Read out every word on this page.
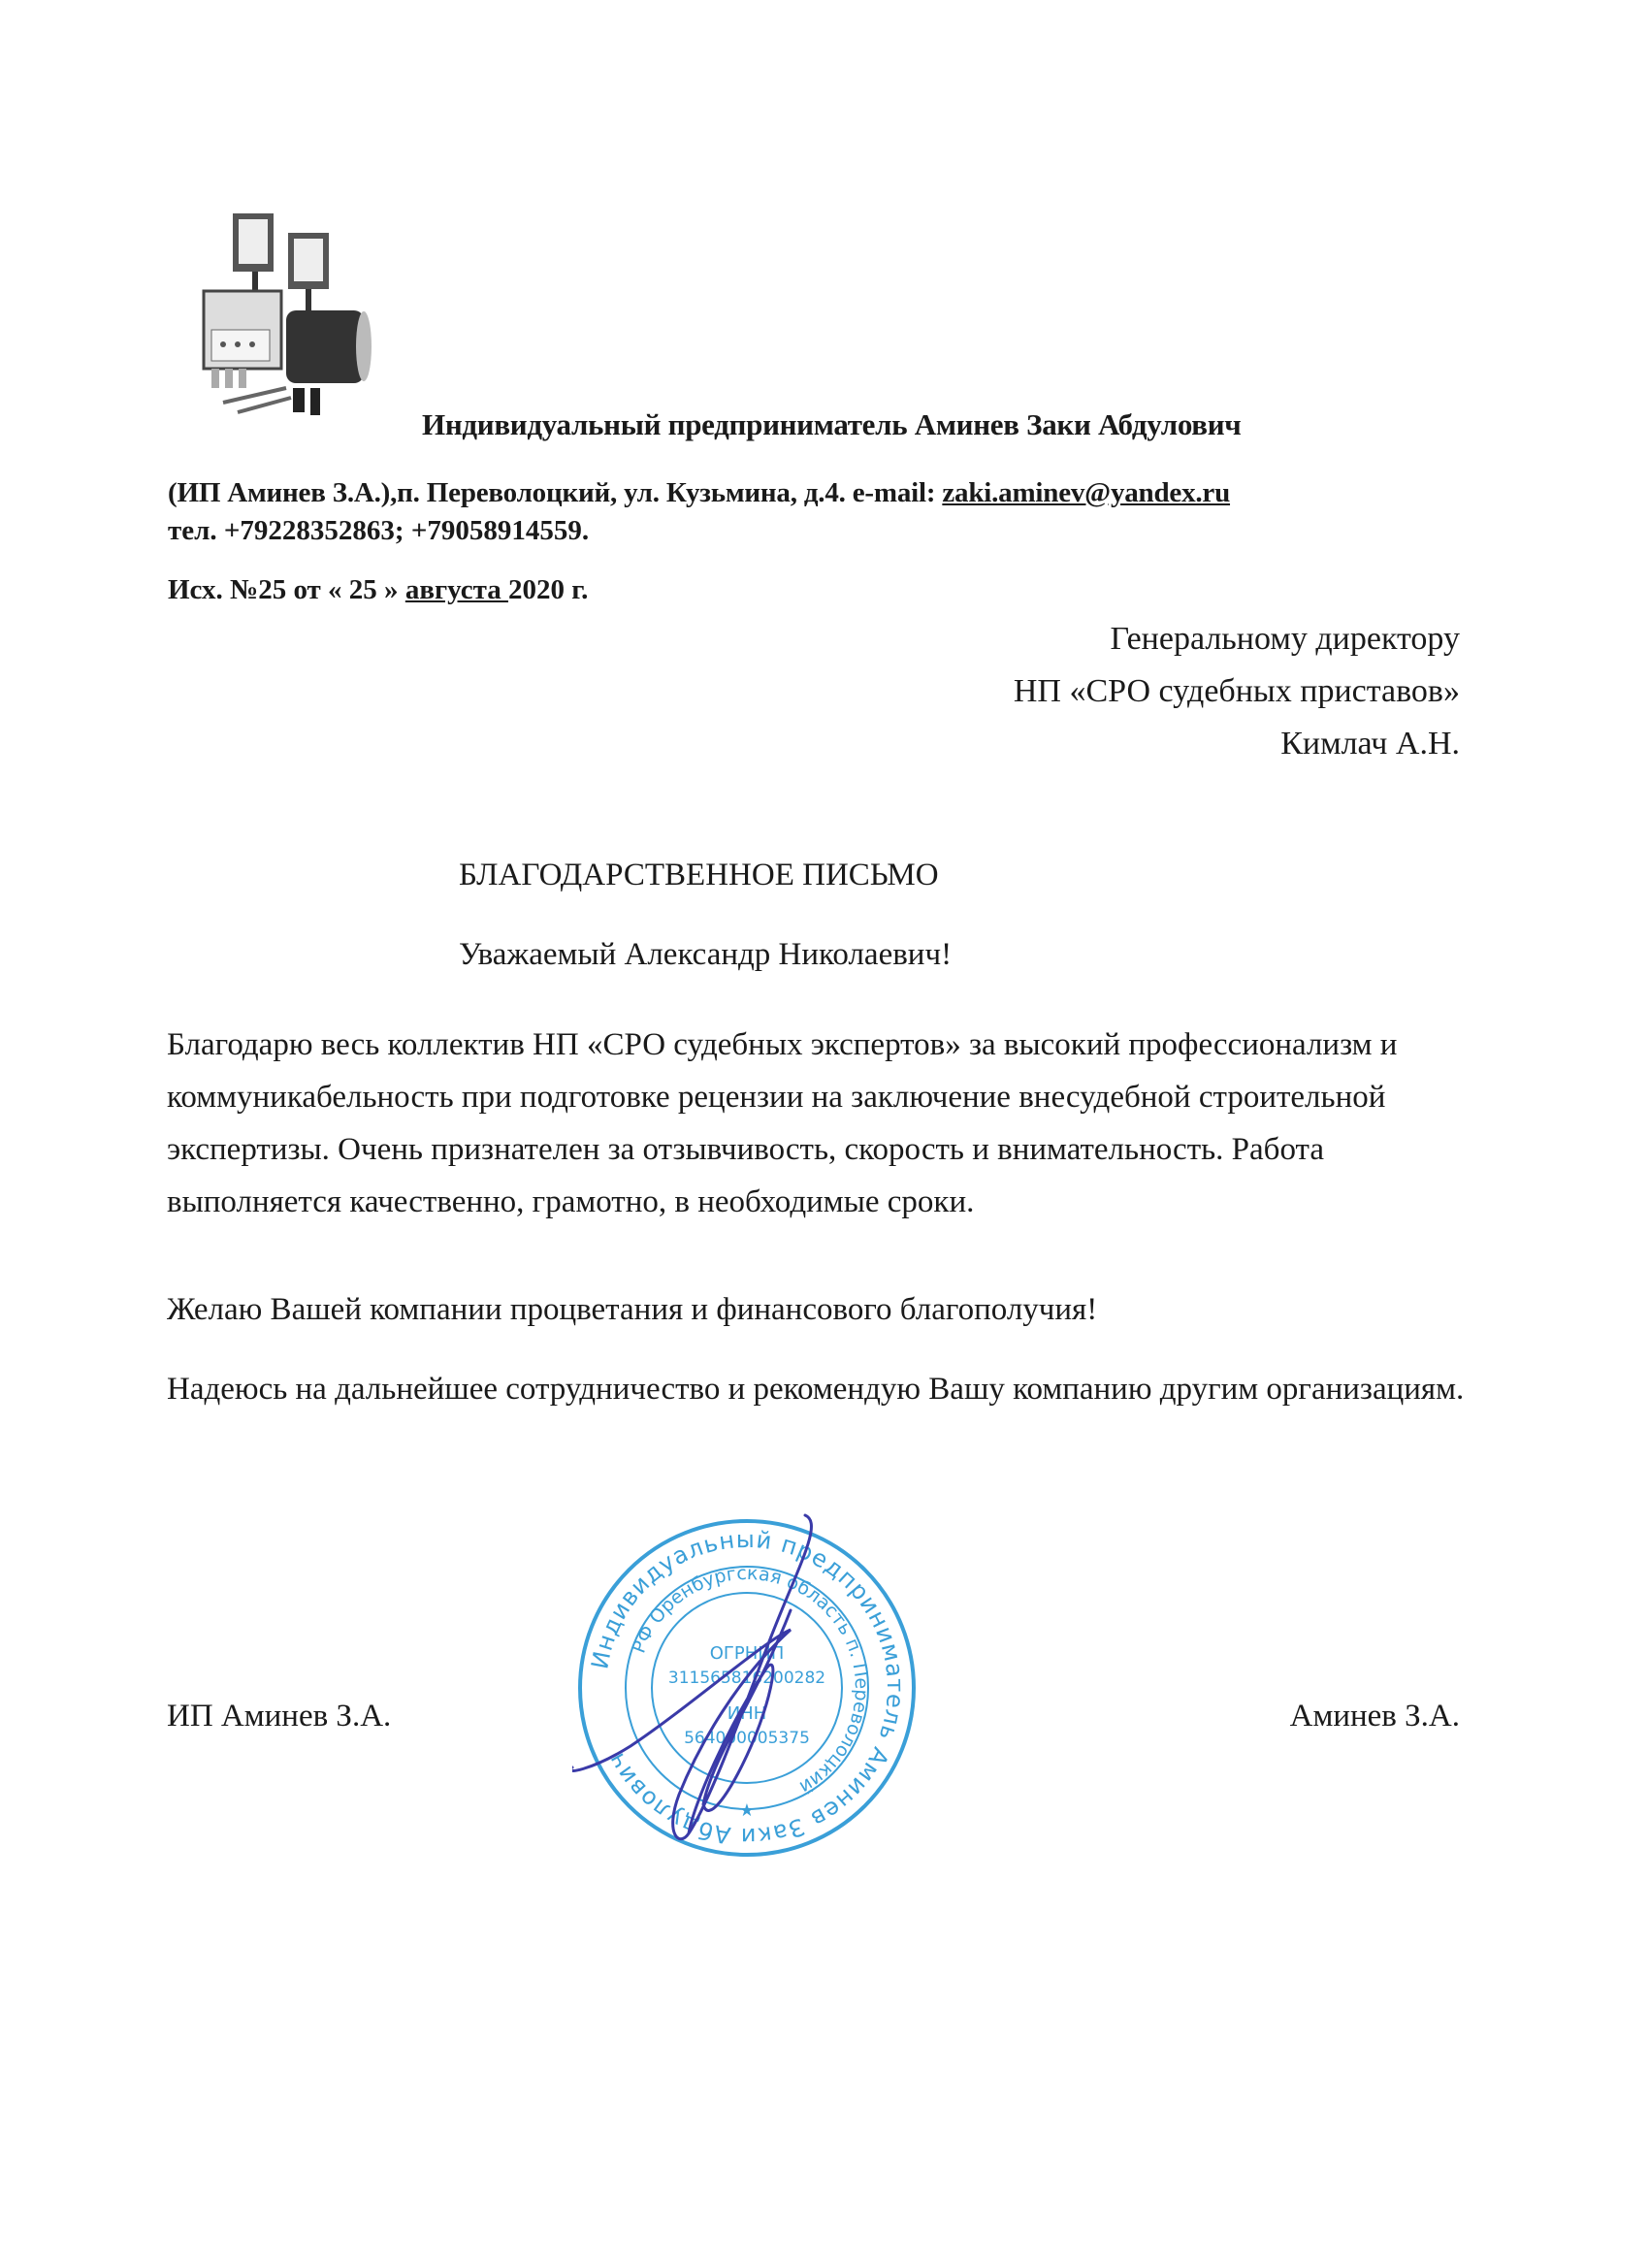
Индивидуальный предприниматель Аминев Заки Абдулович
(ИП Аминев З.А.),п. Переволоцкий, ул. Кузьмина, д.4. e-mail: zaki.aminev@yandex.ru
тел. +79228352863; +79058914559.
Исх. №25 от « 25 » августа 2020 г.
Генеральному директору
НП «СРО судебных приставов»
Кимлач А.Н.
БЛАГОДАРСТВЕННОЕ ПИСЬМО
Уважаемый Александр Николаевич!
Благодарю весь коллектив НП «СРО судебных экспертов» за высокий профессионализм и коммуникабельность при подготовке рецензии на заключение внесудебной строительной экспертизы. Очень признателен за отзывчивость, скорость и внимательность. Работа выполняется качественно, грамотно, в необходимые сроки.
Желаю Вашей компании процветания и финансового благополучия!
Надеюсь на дальнейшее сотрудничество и рекомендую Вашу компанию другим организациям.
ИП Аминев З.А.	Аминев З.А.
Индивидуальный предприниматель Аминев Заки Абдулович
РФ Оренбургская область п. Переволоцкий
ОГРНИП
311565816200282
ИНН
564000005375
★
